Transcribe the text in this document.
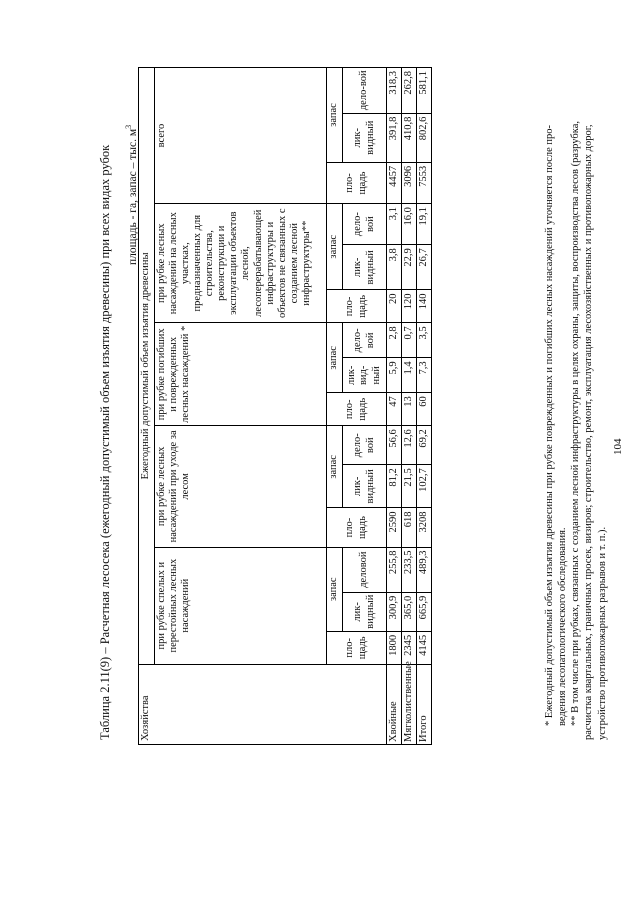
Таблица 2.11(9) – Расчетная лесосека (ежегодный допустимый объем изъятия древесины) при всех видах рубок площадь - га, запас – тыс. $м^3$
Хозяйства	Ежегодный допустимый объем изъятия древесины														
	при рубке спелых и перестойных лесных насаждений			при рубке лесных насаждений при уходе за лесом			при рубке погибших и поврежденных лесных насаждений *			при рубке лесных насаждений на лесных участках, предназначенных для строительства, реконструкции и эксплуатации объектов лесной, лесоперерабатывающей инфраструктуры и объектов не связанных с созданием лесной инфраструктуры**			всего		
	пло-щадь	запас		пло-щадь	запас		пло-щадь	запас		пло-щадь	запас		пло-щадь	запас	
		лик-видный	деловой		лик-видный	дело-вой		лик-вид-ный	дело-вой		лик-видный	дело-вой		лик-видный	дело-вой
Хвойные	1800	300,9	255,8	2590	81,2	56,6	47	5,9	2,8	20	3,8	3,1	4457	391,8	318,3
Мягколиственные	2345	365,0	233,5	618	21,5	12,6	13	1,4	0,7	120	22,9	16,0	3096	410,8	262,8
Итого	4145	665,9	489,3	3208	102,7	69,2	60	7,3	3,5	140	26,7	19,1	7553	802,6	581,1

* Ежегодный допустимый объем изъятия древесины при рубке поврежденных и погибших лесных насаждений уточняется после про- ведения лесопатологического обследования. ** В том числе при рубках, связанных с созданием лесной инфраструктуры в целях охраны, защиты, воспроизводства лесов (разрубка, расчистка квартальных, граничных просек, визиров; строительство, ремонт, эксплуатация лесохозяйственных и противопожарных дорог, устройство противопожарных разрывов и т. п.).

104
